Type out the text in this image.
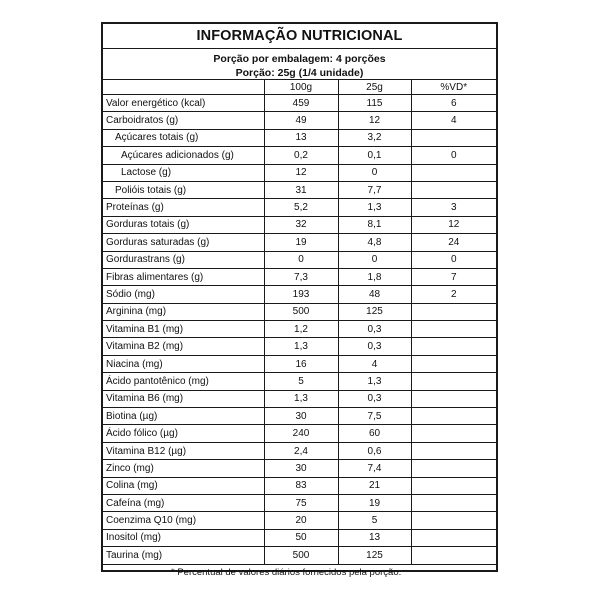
INFORMAÇÃO NUTRICIONAL
Porção por embalagem: 4 porções
Porção: 25g (1/4 unidade)
	100g	25g	%VD*
Valor energético (kcal)	459	115	6
Carboidratos (g)	49	12	4
Açúcares totais (g)	13	3,2	
Açúcares adicionados (g)	0,2	0,1	0
Lactose (g)	12	0	
Polióis totais (g)	31	7,7	
Proteínas (g)	5,2	1,3	3
Gorduras totais (g)	32	8,1	12
Gorduras saturadas (g)	19	4,8	24
Gordurastrans (g)	0	0	0
Fibras alimentares (g)	7,3	1,8	7
Sódio (mg)	193	48	2
Arginina (mg)	500	125	
Vitamina B1 (mg)	1,2	0,3	
Vitamina B2 (mg)	1,3	0,3	
Niacina (mg)	16	4	
Ácido pantotênico (mg)	5	1,3	
Vitamina B6 (mg)	1,3	0,3	
Biotina (µg)	30	7,5	
Ácido fólico (µg)	240	60	
Vitamina B12 (µg)	2,4	0,6	
Zinco (mg)	30	7,4	
Colina (mg)	83	21	
Cafeína (mg)	75	19	
Coenzima Q10 (mg)	20	5	
Inositol (mg)	50	13	
Taurina (mg)	500	125	
* Percentual de valores diários fornecidos pela porção.
